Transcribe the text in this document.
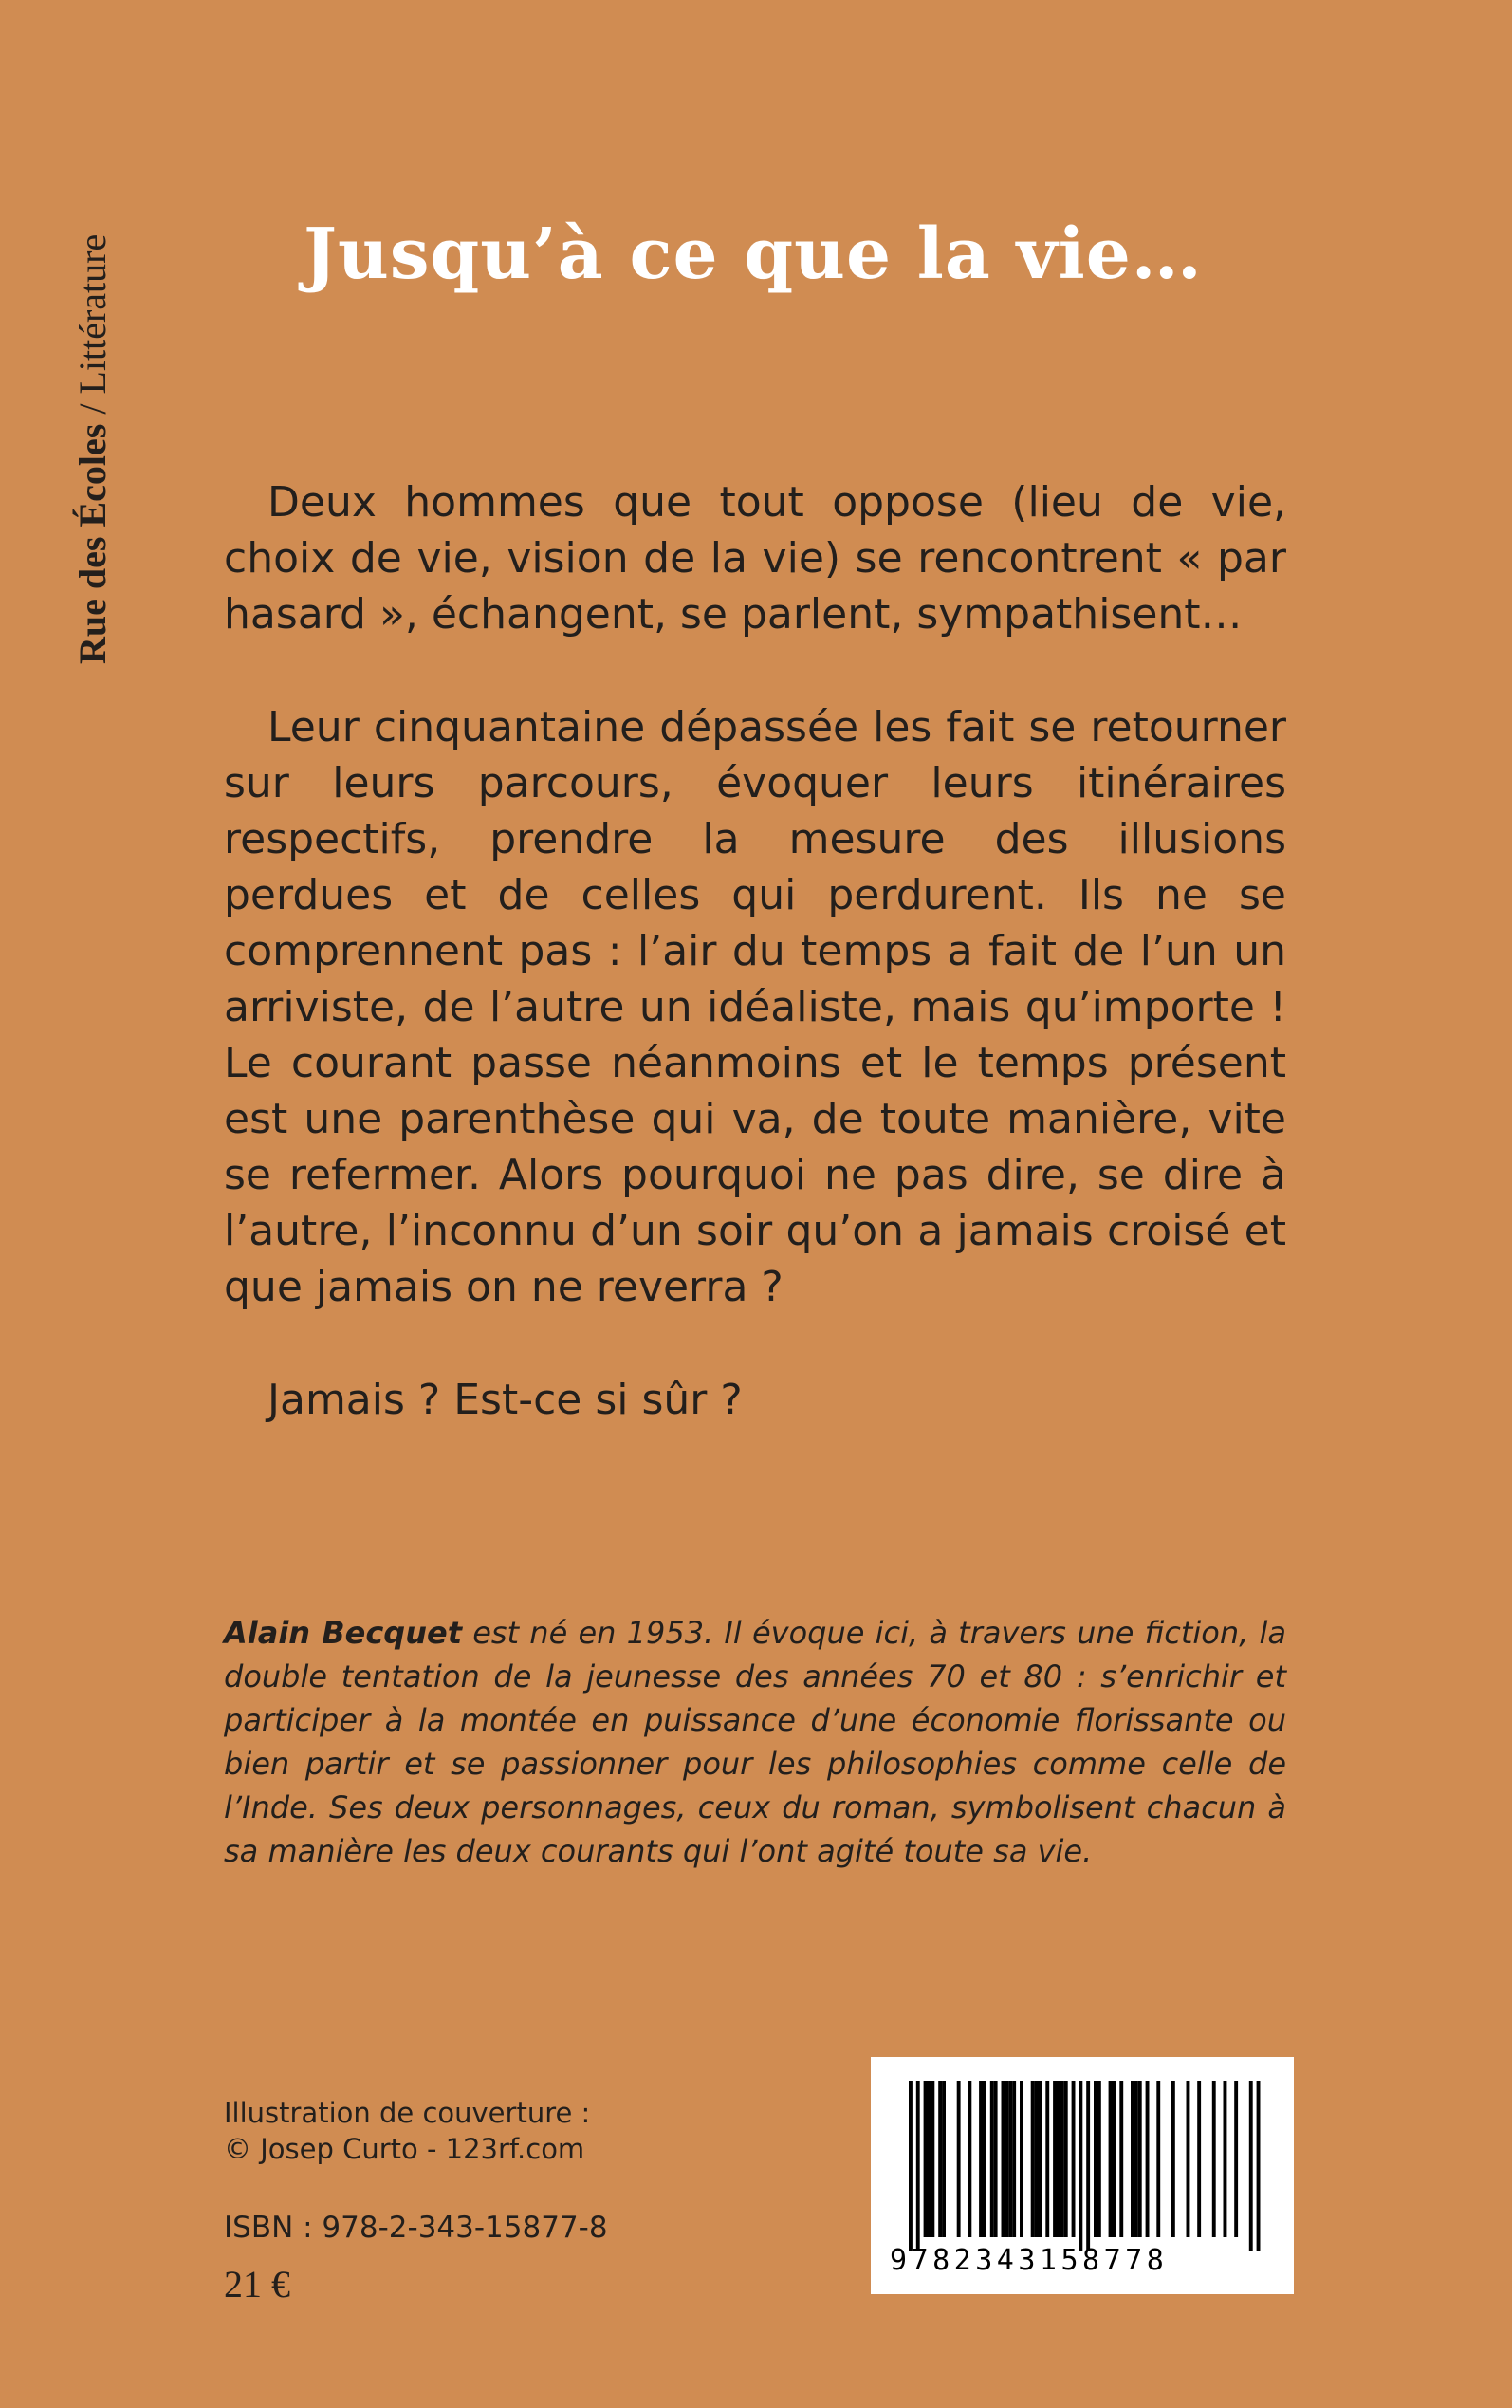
Rue des Écoles / Littérature	Jusqu’à ce que la vie…

Deux hommes que tout oppose (lieu de vie, choix de vie, vision de la vie) se rencontrent « par hasard », échangent, se parlent, sympathisent…

Leur cinquantaine dépassée les fait se retourner sur leurs parcours, évoquer leurs itinéraires respectifs, prendre la mesure des illusions perdues et de celles qui perdurent. Ils ne se comprennent pas : l’air du temps a fait de l’un un arriviste, de l’autre un idéaliste, mais qu’importe ! Le courant passe néanmoins et le temps présent est une parenthèse qui va, de toute manière, vite se refermer. Alors pourquoi ne pas dire, se dire à l’autre, l’inconnu d’un soir qu’on a jamais croisé et que jamais on ne reverra ?

Jamais ? Est-ce si sûr ?

Alain Becquet est né en 1953. Il évoque ici, à travers une fiction, la double tentation de la jeunesse des années 70 et 80 : s’enrichir et participer à la montée en puissance d’une économie florissante ou bien partir et se passionner pour les philosophies comme celle de l’Inde. Ses deux personnages, ceux du roman, symbolisent chacun à sa manière les deux courants qui l’ont agité toute sa vie.
Illustration de couverture :
© Josep Curto - 123rf.com
ISBN : 978-2-343-15877-8
21 €
9782343158778
